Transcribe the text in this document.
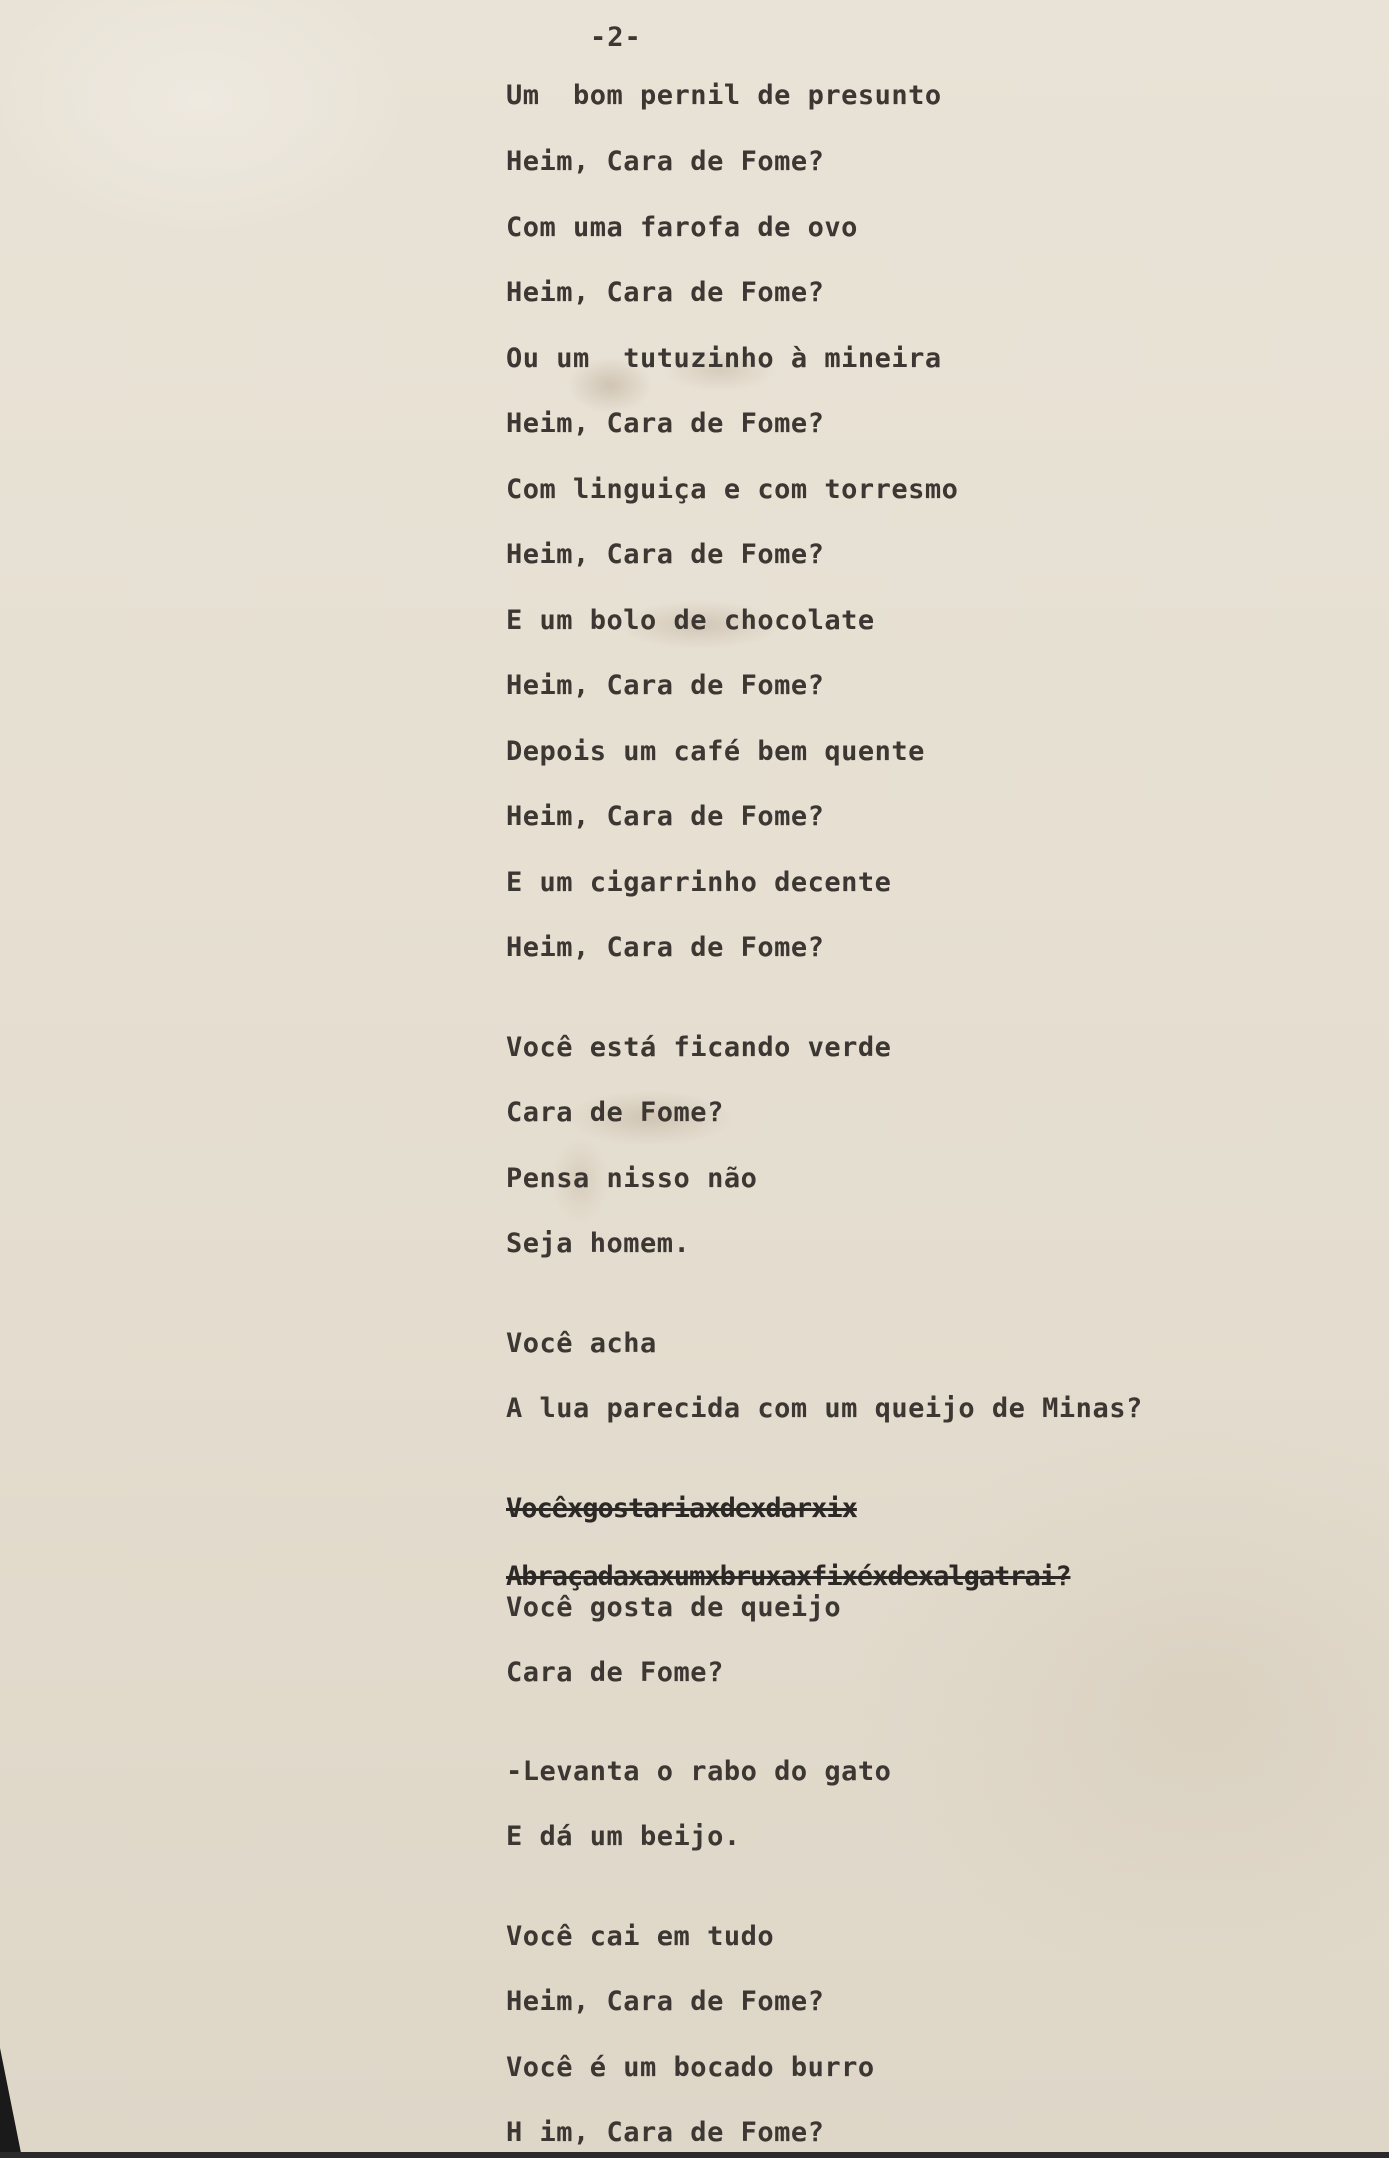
-2-
Um  bom pernil de presunto
Heim, Cara de Fome?
Com uma farofa de ovo
Heim, Cara de Fome?
Ou um  tutuzinho à mineira
Heim, Cara de Fome?
Com linguiça e com torresmo
Heim, Cara de Fome?
E um bolo de chocolate
Heim, Cara de Fome?
Depois um café bem quente
Heim, Cara de Fome?
E um cigarrinho decente
Heim, Cara de Fome?
Você está ficando verde
Cara de Fome?
Pensa nisso não
Seja homem.
Você acha
A lua parecida com um queijo de Minas?
Vocêxgostariaxdexdarxix
Abraçadaxaxumxbruxaxfixéxdexalgatrai?
Você gosta de queijo
Cara de Fome?
-Levanta o rabo do gato
E dá um beijo.
Você cai em tudo
Heim, Cara de Fome?
Você é um bocado burro
H im, Cara de Fome?
